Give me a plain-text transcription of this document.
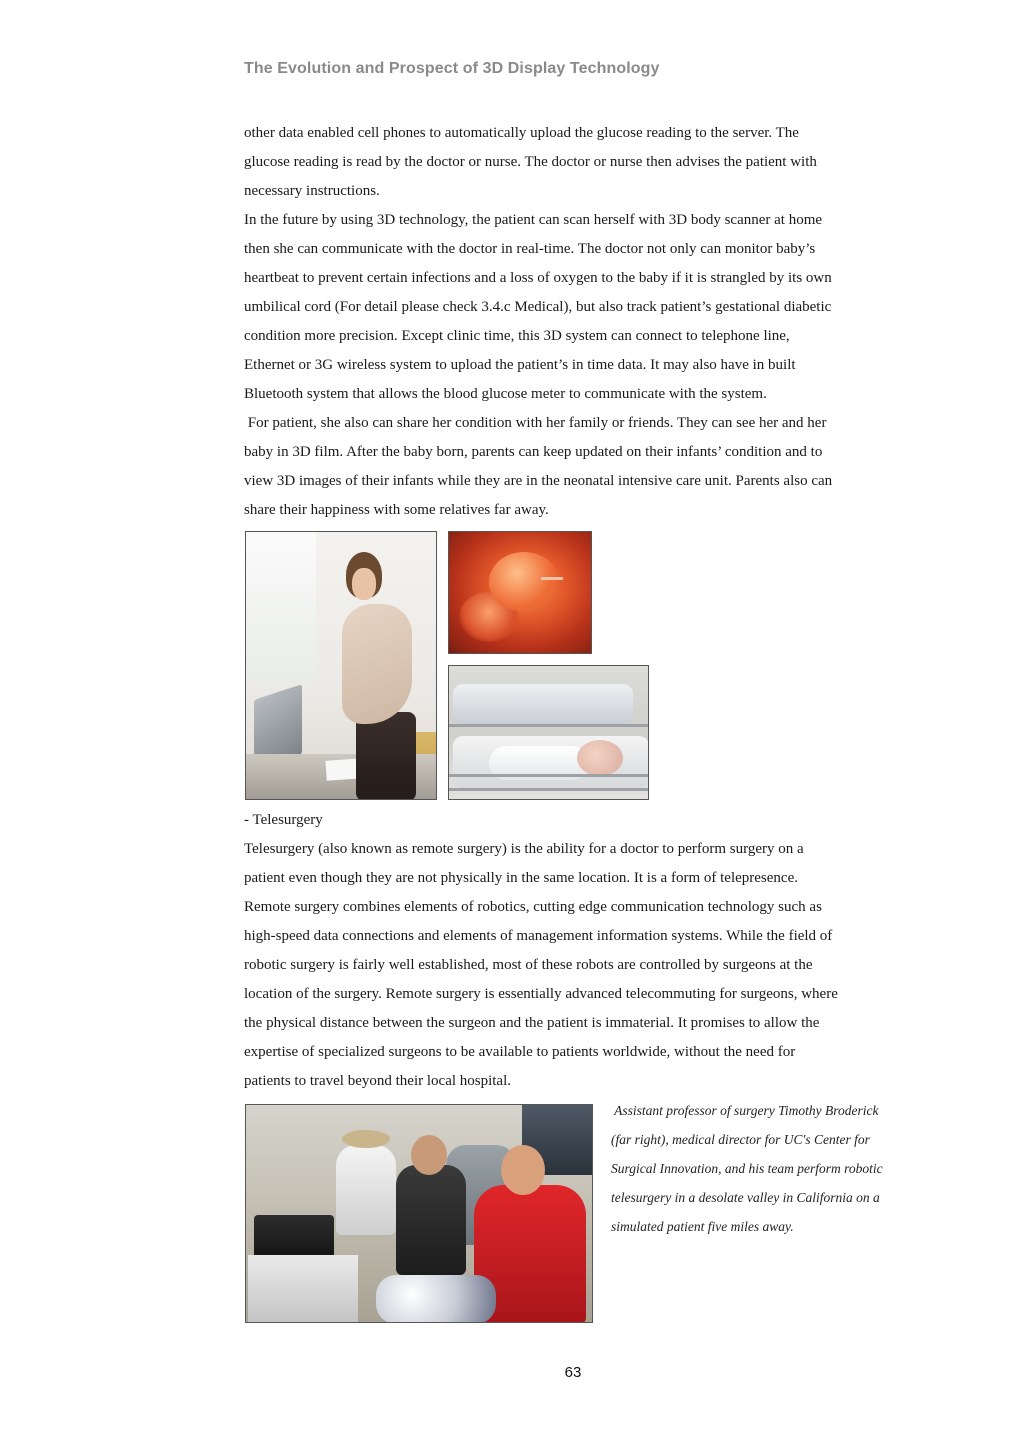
The Evolution and Prospect of 3D Display Technology

other data enabled cell phones to automatically upload the glucose reading to the server. The

glucose reading is read by the doctor or nurse. The doctor or nurse then advises the patient with

necessary instructions.

In the future by using 3D technology, the patient can scan herself with 3D body scanner at home

then she can communicate with the doctor in real-time. The doctor not only can monitor baby’s

heartbeat to prevent certain infections and a loss of oxygen to the baby if it is strangled by its own

umbilical cord (For detail please check 3.4.c Medical), but also track patient’s gestational diabetic

condition more precision. Except clinic time, this 3D system can connect to telephone line,

Ethernet or 3G wireless system to upload the patient’s in time data. It may also have in built

Bluetooth system that allows the blood glucose meter to communicate with the system.

For patient, she also can share her condition with her family or friends. They can see her and her

baby in 3D film. After the baby born, parents can keep updated on their infants’ condition and to

view 3D images of their infants while they are in the neonatal intensive care unit. Parents also can

share their happiness with some relatives far away.

- Telesurgery

Telesurgery (also known as remote surgery) is the ability for a doctor to perform surgery on a

patient even though they are not physically in the same location. It is a form of telepresence.

Remote surgery combines elements of robotics, cutting edge communication technology such as

high-speed data connections and elements of management information systems. While the field of

robotic surgery is fairly well established, most of these robots are controlled by surgeons at the

location of the surgery. Remote surgery is essentially advanced telecommuting for surgeons, where

the physical distance between the surgeon and the patient is immaterial. It promises to allow the

expertise of specialized surgeons to be available to patients worldwide, without the need for

patients to travel beyond their local hospital.

Assistant professor of surgery Timothy Broderick

(far right), medical director for UC's Center for

Surgical Innovation, and his team perform robotic

telesurgery in a desolate valley in California on a

simulated patient five miles away.

63
